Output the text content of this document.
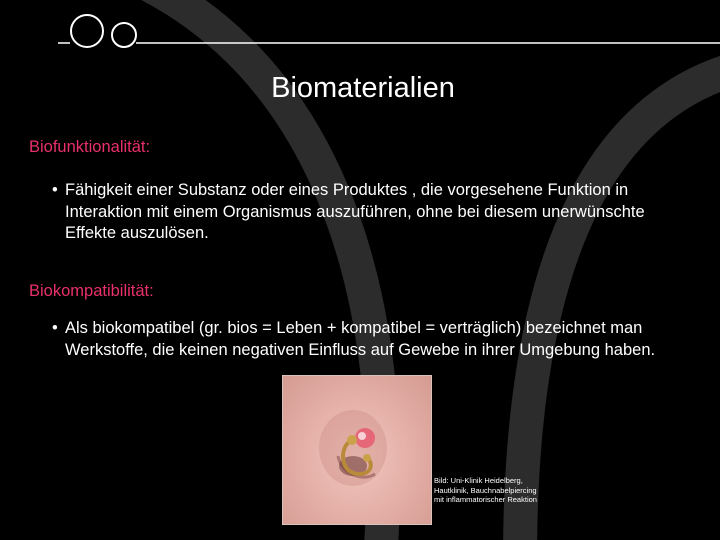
Biomaterialien
Biofunktionalität:
• Fähigkeit einer Substanz oder eines Produktes , die vorgesehene Funktion in Interaktion mit einem Organismus auszuführen, ohne bei diesem unerwünschte Effekte auszulösen.
Biokompatibilität:
• Als biokompatibel (gr. bios = Leben + kompatibel = verträglich) bezeichnet man Werkstoffe, die keinen negativen Einfluss auf Gewebe in ihrer Umgebung haben.
Bild: Uni-Klinik Heidelberg, Hautklinik, Bauchnabelpiercing mit inflammatorischer Reaktion
